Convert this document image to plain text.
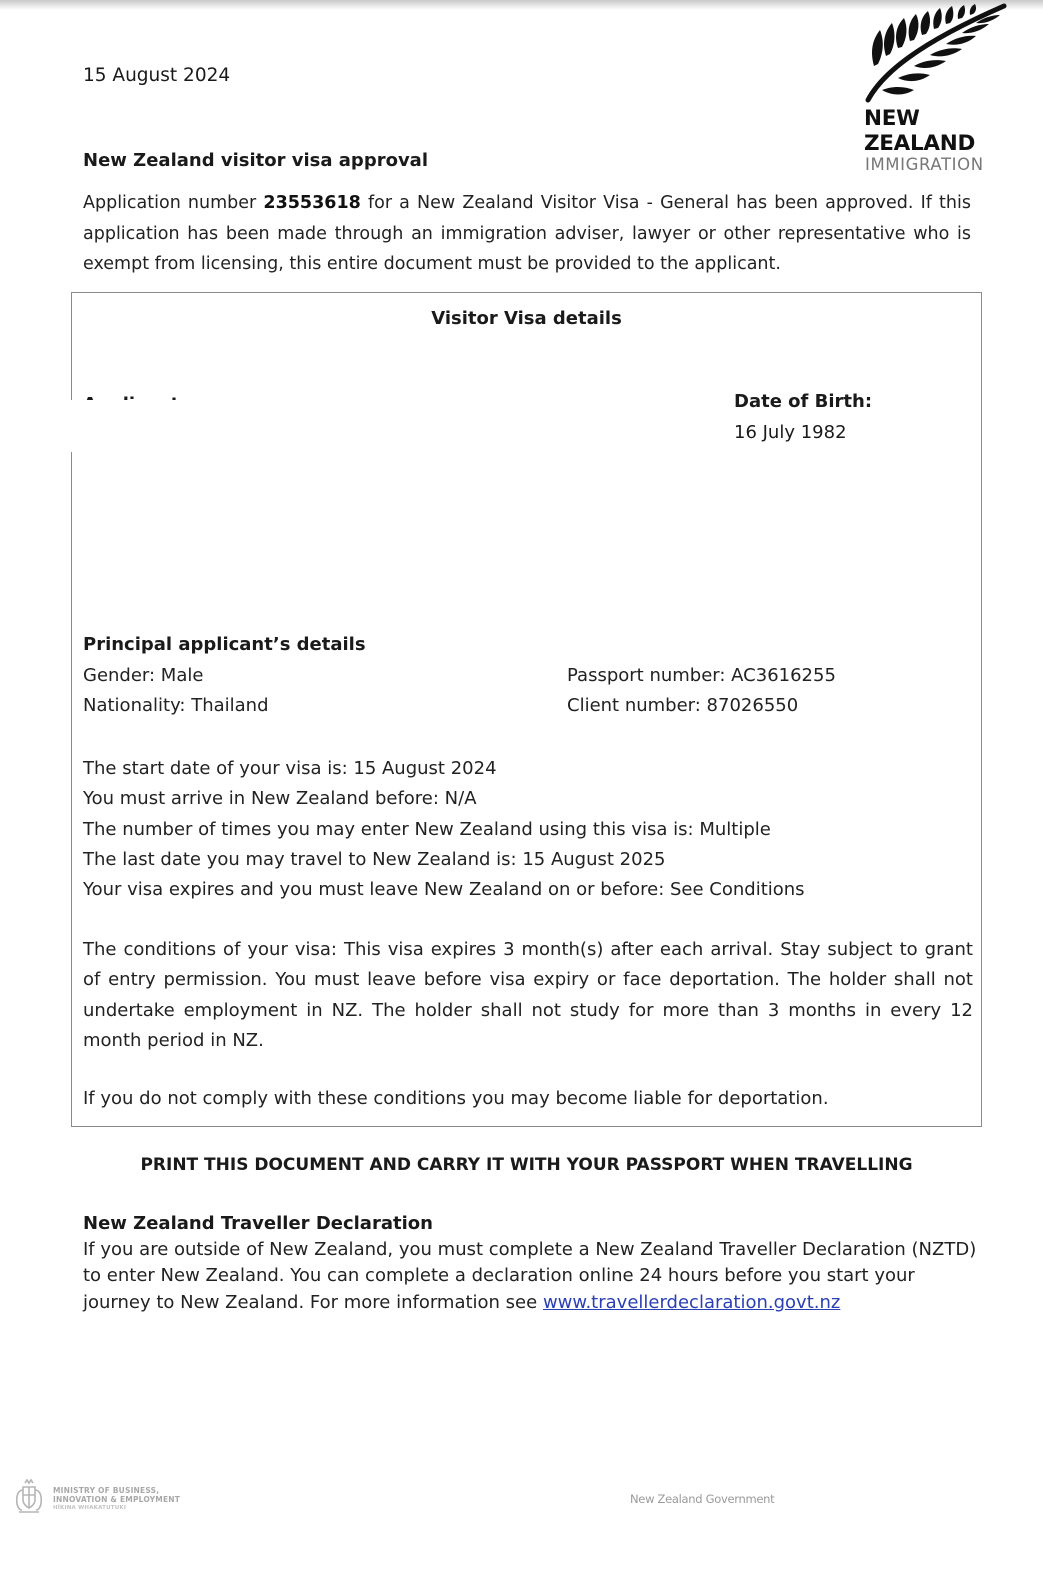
15 August 2024
NEW ZEALAND
IMMIGRATION
New Zealand visitor visa approval
Application number 23553618 for a New Zealand Visitor Visa - General has been approved. If this application has been made through an immigration adviser, lawyer or other representative who is exempt from licensing, this entire document must be provided to the applicant.
Visitor Visa details
Date of Birth:
16 July 1982
Principal applicant’s details
Gender: Male
Nationality: Thailand
Passport number: AC3616255
Client number: 87026550
The start date of your visa is: 15 August 2024
You must arrive in New Zealand before: N/A
The number of times you may enter New Zealand using this visa is: Multiple
The last date you may travel to New Zealand is: 15 August 2025
Your visa expires and you must leave New Zealand on or before: See Conditions
The conditions of your visa: This visa expires 3 month(s) after each arrival. Stay subject to grant of entry permission. You must leave before visa expiry or face deportation. The holder shall not undertake employment in NZ. The holder shall not study for more than 3 months in every 12 month period in NZ.
If you do not comply with these conditions you may become liable for deportation.
PRINT THIS DOCUMENT AND CARRY IT WITH YOUR PASSPORT WHEN TRAVELLING
New Zealand Traveller Declaration
If you are outside of New Zealand, you must complete a New Zealand Traveller Declaration (NZTD) to enter New Zealand. You can complete a declaration online 24 hours before you start your journey to New Zealand. For more information see www.travellerdeclaration.govt.nz
MINISTRY OF BUSINESS,
INNOVATION & EMPLOYMENT
HĪKINA WHAKATUTUKI
New Zealand Government
